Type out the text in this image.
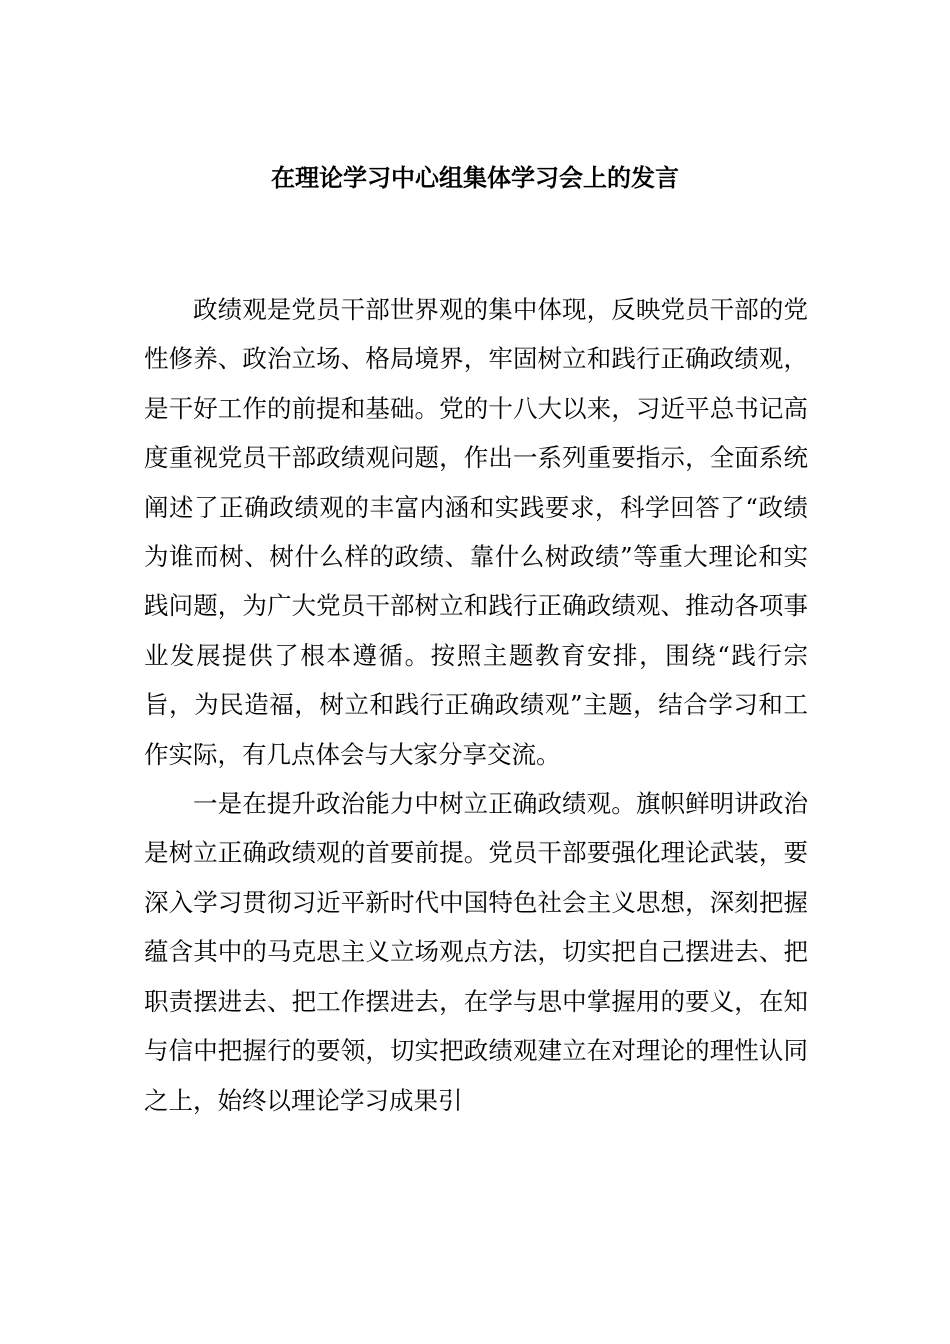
在理论学习中心组集体学习会上的发言

政绩观是党员干部世界观的集中体现，反映党员干部的党性修养、政治立场、格局境界，牢固树立和践行正确政绩观，是干好工作的前提和基础。党的十八大以来，习近平总书记高度重视党员干部政绩观问题，作出一系列重要指示，全面系统阐述了正确政绩观的丰富内涵和实践要求，科学回答了“政绩为谁而树、树什么样的政绩、靠什么树政绩”等重大理论和实践问题，为广大党员干部树立和践行正确政绩观、推动各项事业发展提供了根本遵循。按照主题教育安排，围绕“践行宗旨，为民造福，树立和践行正确政绩观”主题，结合学习和工作实际，有几点体会与大家分享交流。

一是在提升政治能力中树立正确政绩观。旗帜鲜明讲政治是树立正确政绩观的首要前提。党员干部要强化理论武装，要深入学习贯彻习近平新时代中国特色社会主义思想，深刻把握蕴含其中的马克思主义立场观点方法，切实把自己摆进去、把职责摆进去、把工作摆进去，在学与思中掌握用的要义，在知与信中把握行的要领，切实把政绩观建立在对理论的理性认同之上，始终以理论学习成果引
